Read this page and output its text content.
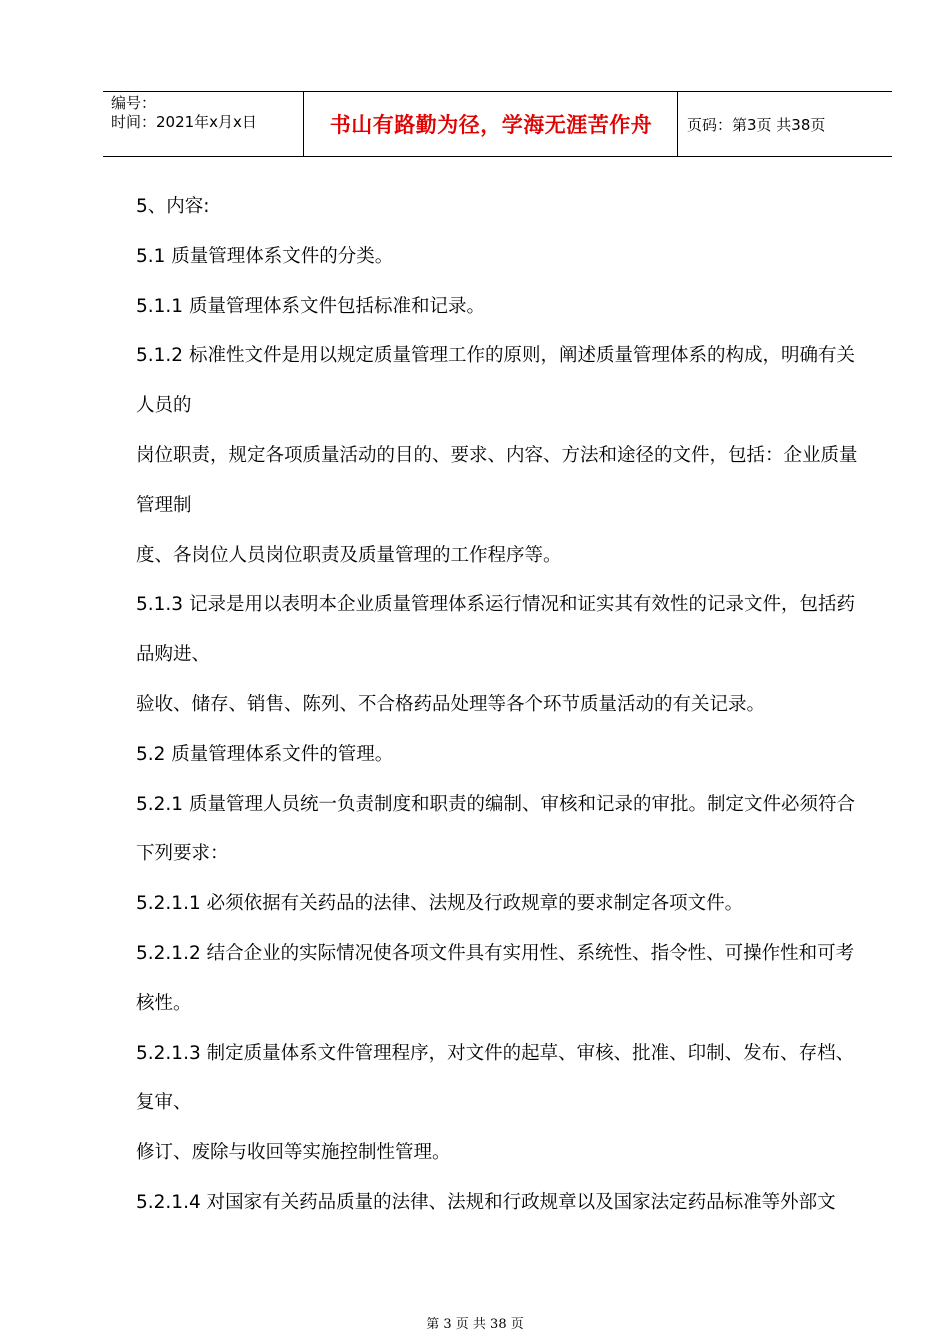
编号：
时间：2021年x月x日	书山有路勤为径，学海无涯苦作舟	页码：第3页 共38页

5、内容:

5.1 质量管理体系文件的分类。

5.1.1 质量管理体系文件包括标准和记录。

5.1.2 标准性文件是用以规定质量管理工作的原则，阐述质量管理体系的构成，明确有关

人员的

岗位职责，规定各项质量活动的目的、要求、内容、方法和途径的文件，包括：企业质量

管理制

度、各岗位人员岗位职责及质量管理的工作程序等。

5.1.3 记录是用以表明本企业质量管理体系运行情况和证实其有效性的记录文件，包括药

品购进、

验收、储存、销售、陈列、不合格药品处理等各个环节质量活动的有关记录。

5.2 质量管理体系文件的管理。

5.2.1 质量管理人员统一负责制度和职责的编制、审核和记录的审批。制定文件必须符合

下列要求：

5.2.1.1 必须依据有关药品的法律、法规及行政规章的要求制定各项文件。

5.2.1.2 结合企业的实际情况使各项文件具有实用性、系统性、指令性、可操作性和可考

核性。

5.2.1.3 制定质量体系文件管理程序，对文件的起草、审核、批准、印制、发布、存档、

复审、

修订、废除与收回等实施控制性管理。

5.2.1.4 对国家有关药品质量的法律、法规和行政规章以及国家法定药品标准等外部文

第 3 页 共 38 页
